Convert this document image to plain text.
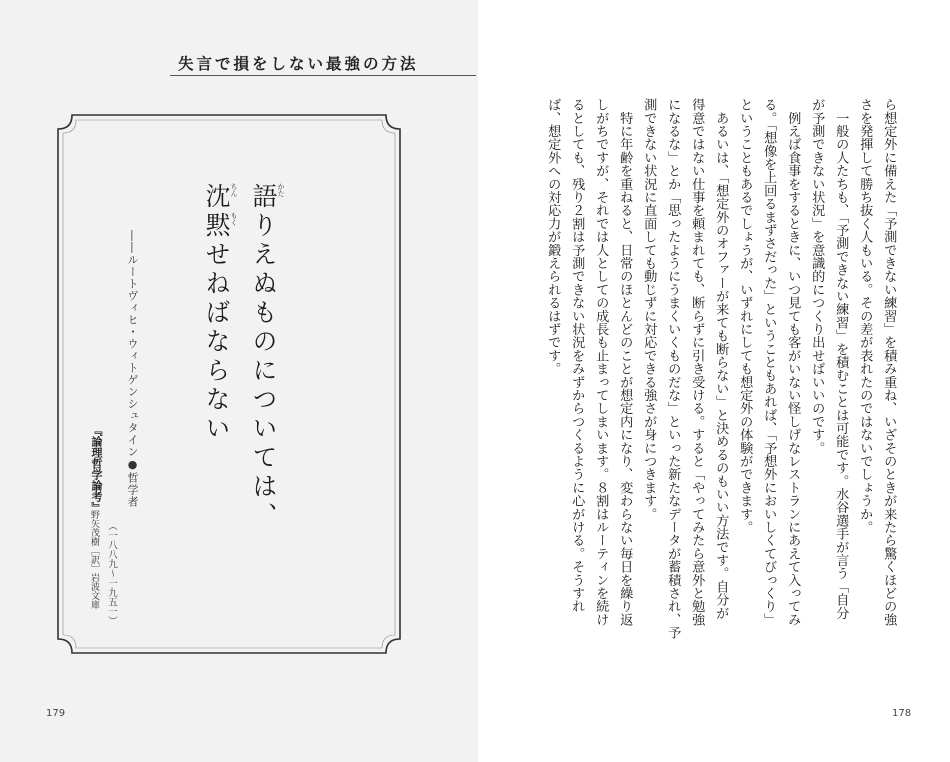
失言で損をしない最強の方法
語りえぬものについては、
沈黙せねばならない	かた
ちん
もく
――ルートヴィヒ・ウィトゲンシュタイン●哲学者
（一八八九〜一九五一）
『論理哲学論考』
野矢茂樹［訳］岩波文庫
179
ら想定外に備えた「予測できない練習」を積み重ね、いざそのときが来たら驚くほどの強
さを発揮して勝ち抜く人もいる。その差が表れたのではないでしょうか。
　一般の人たちも、「予測できない練習」を積むことは可能です。水谷選手が言う「自分
が予測できない状況」を意識的につくり出せばいいのです。
　例えば食事をするときに、いつ見ても客がいない怪しげなレストランにあえて入ってみ
る。「想像を上回るまずさだった」ということもあれば、「予想外においしくてびっくり」
ということもあるでしょうが、いずれにしても想定外の体験ができます。
　あるいは、「想定外のオファーが来ても断らない」と決めるのもいい方法です。自分が
得意ではない仕事を頼まれても、断らずに引き受ける。すると「やってみたら意外と勉強
になるな」とか「思ったようにうまくいくものだな」といった新たなデータが蓄積され、予
測できない状況に直面しても動じずに対応できる強さが身につきます。
　特に年齢を重ねると、日常のほとんどのことが想定内になり、変わらない毎日を繰り返
しがちですが、それでは人としての成長も止まってしまいます。８割はルーティンを続け
るとしても、残り２割は予測できない状況をみずからつくるように心がける。そうすれ
ば、想定外への対応力が鍛えられるはずです。
178
